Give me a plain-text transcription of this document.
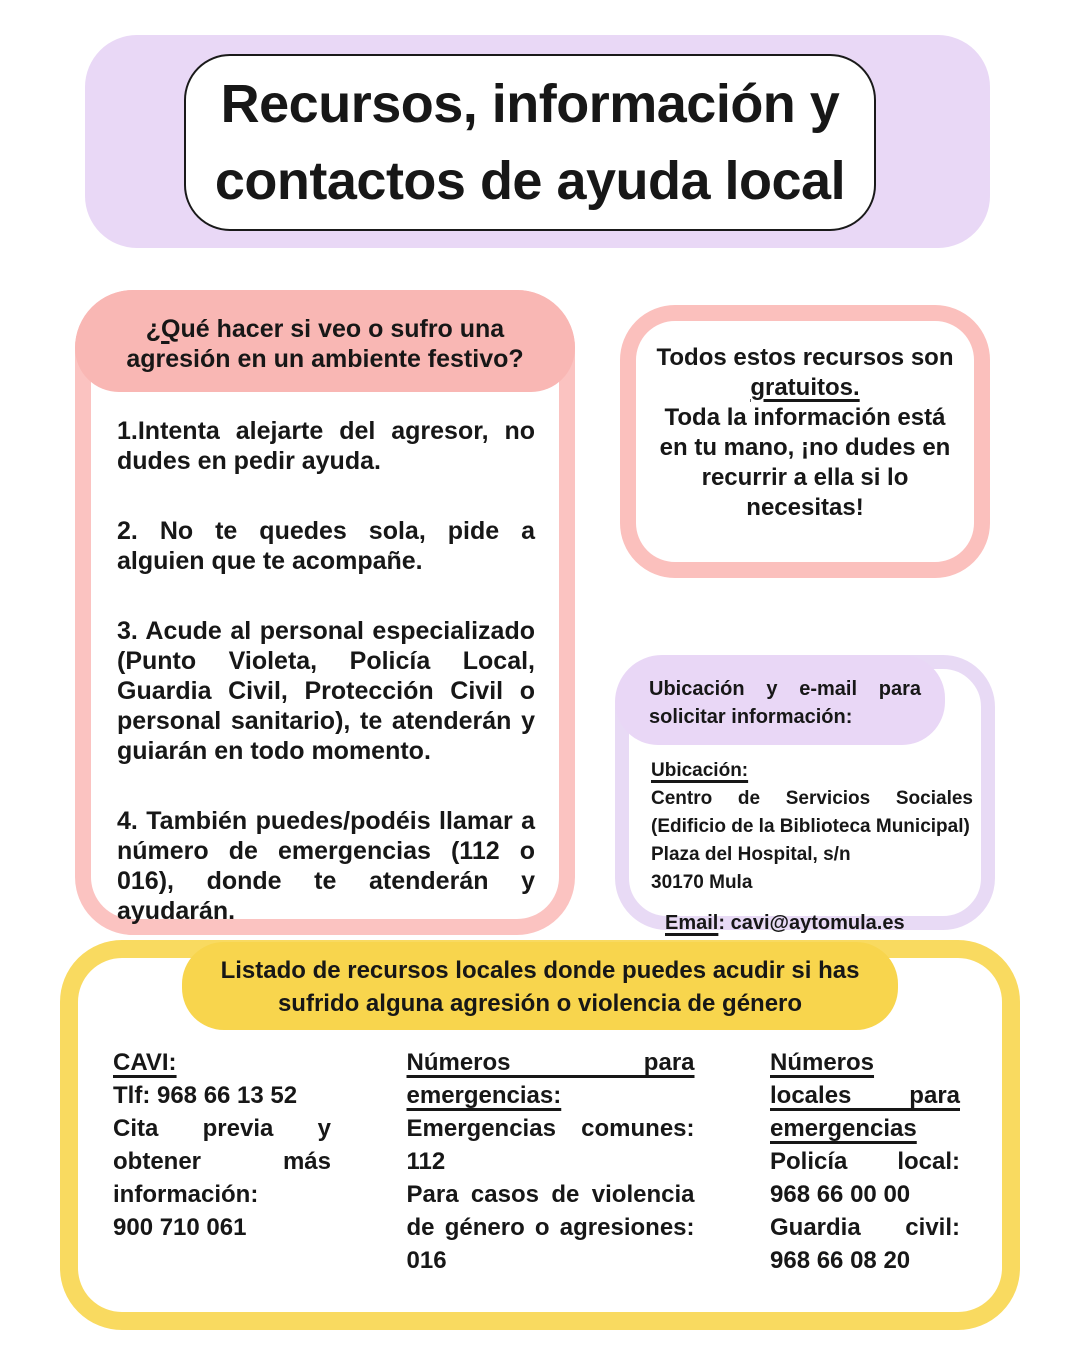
Recursos, información y contactos de ayuda local
¿Qué hacer si veo o sufro una agresión en un ambiente festivo?

1.Intenta alejarte del agresor, no dudes en pedir ayuda.

2. No te quedes sola, pide a alguien que te acompañe.

3. Acude al personal especializado (Punto Violeta, Policía Local, Guardia Civil, Protección Civil o personal sanitario), te atenderán y guiarán en todo momento.

4. También puedes/podéis llamar a número de emergencias (112 o 016), donde te atenderán y ayudarán.

Todos estos recursos son
gratuitos.
Toda la información está en tu mano, ¡no dudes en recurrir a ella si lo necesitas!
Ubicación y e-mail para solicitar información:

Ubicación:

Centro de Servicios Sociales (Edificio de la Biblioteca Municipal)

Plaza del Hospital, s/n

30170 Mula

Email: cavi@aytomula.es

Listado de recursos locales donde puedes acudir si has sufrido alguna agresión o violencia de género
CAVI:

Tlf: 968 66 13 52

Cita previa y obtener más información:

900 710 061

Números para emergencias:

Emergencias comunes: 112

Para casos de violencia de género o agresiones: 016

Números locales para emergencias

Policía local: 968 66 00 00

Guardia civil: 968 66 08 20
